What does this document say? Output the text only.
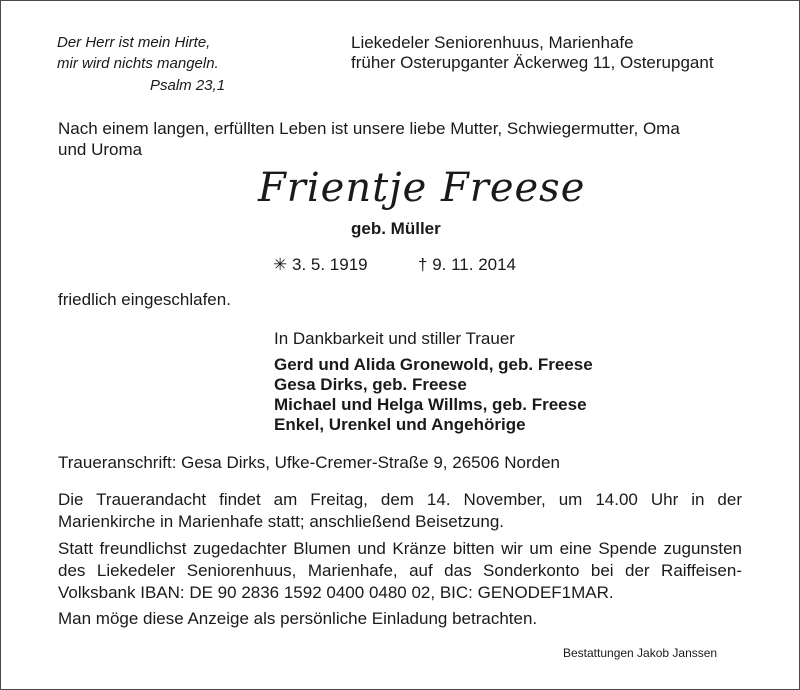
Der Herr ist mein Hirte,
mir wird nichts mangeln.
Psalm 23,1
Liekedeler Seniorenhuus, Marienhafe
früher Osterupganter Äckerweg 11, Osterupgant
Nach einem langen, erfüllten Leben ist unsere liebe Mutter, Schwiegermutter, Oma
und Uroma
Frientje Freese
geb. Müller
✳ 3. 5. 1919	† 9. 11. 2014
friedlich eingeschlafen.
In Dankbarkeit und stiller Trauer
Gerd und Alida Gronewold, geb. Freese
Gesa Dirks, geb. Freese
Michael und Helga Willms, geb. Freese
Enkel, Urenkel und Angehörige
Traueranschrift: Gesa Dirks, Ufke-Cremer-Straße 9, 26506 Norden
Die Trauerandacht findet am Freitag, dem 14. November, um 14.00 Uhr in der Marienkirche in Marienhafe statt; anschließend Beisetzung.
Statt freundlichst zugedachter Blumen und Kränze bitten wir um eine Spende zugunsten des Liekedeler Seniorenhuus, Marienhafe, auf das Sonderkonto bei der Raiffeisen-Volksbank IBAN: DE 90 2836 1592 0400 0480 02, BIC: GENODEF1MAR.
Man möge diese Anzeige als persönliche Einladung betrachten.
Bestattungen Jakob Janssen
